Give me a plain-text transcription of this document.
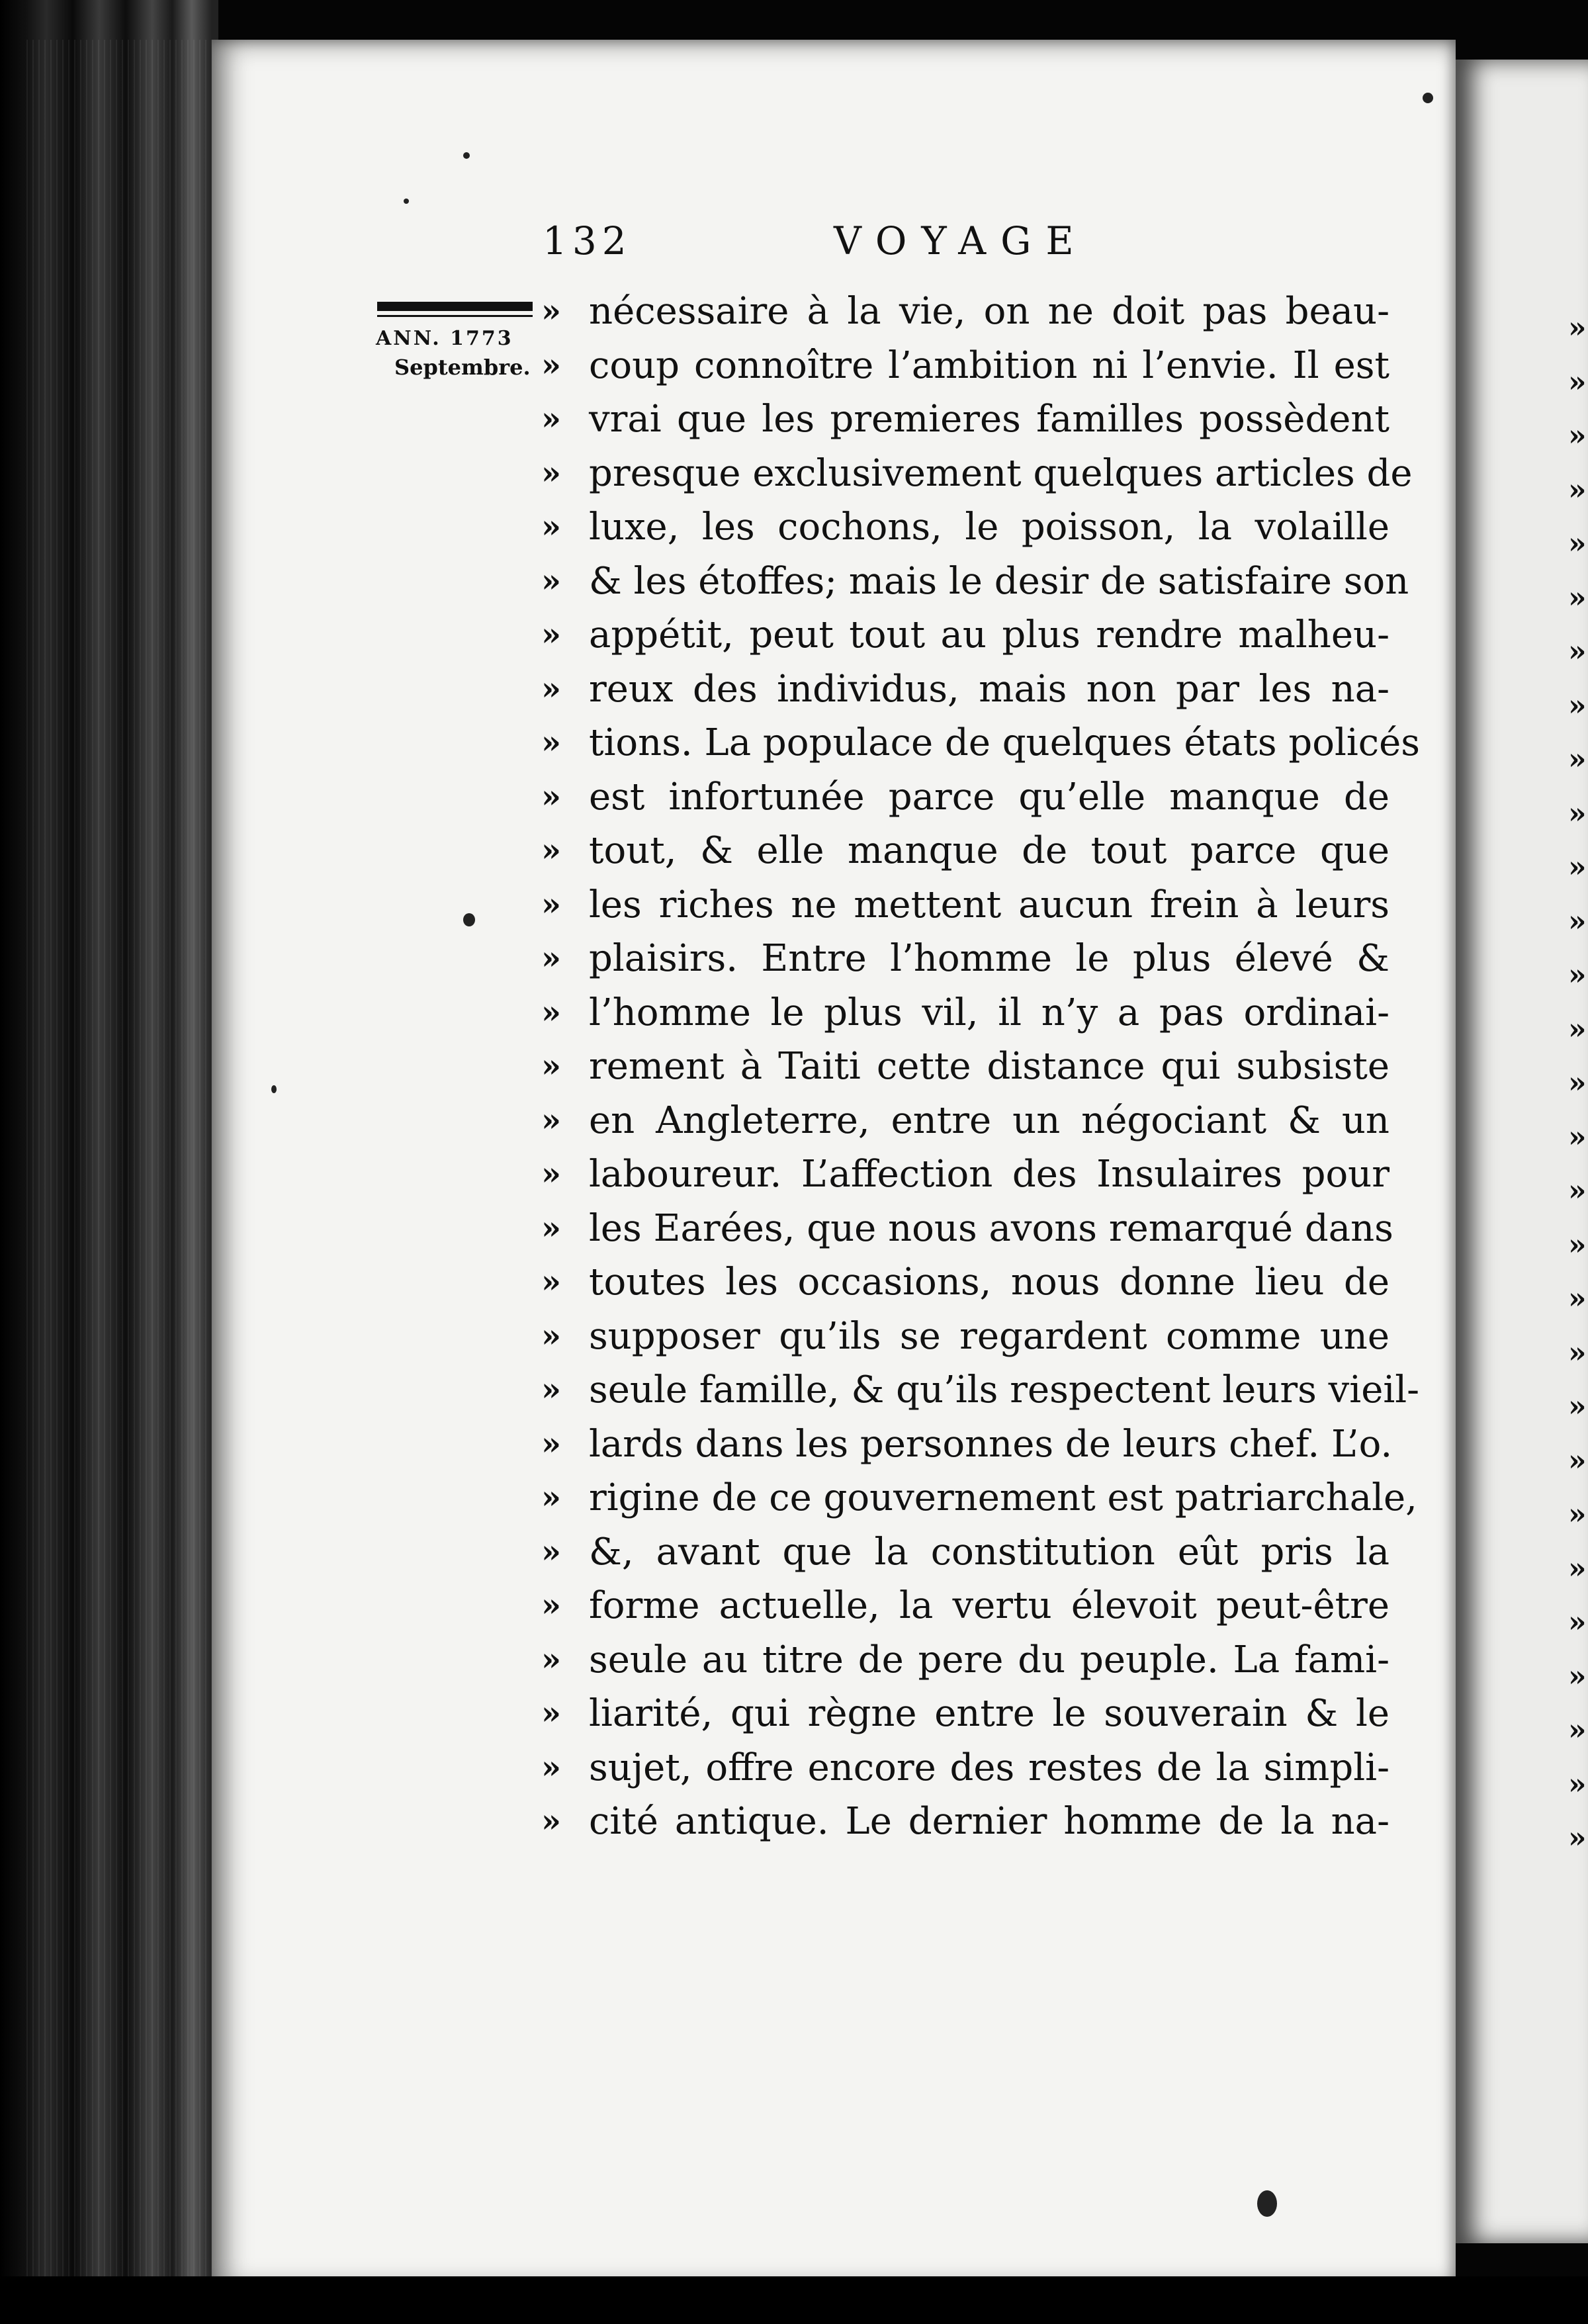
132	VOYAGE
ANN. 1773
Septembre.
» nécessaire à la vie, on ne doit pas beau-
» coup connoître l’ambition ni l’envie. Il est
» vrai que les premieres familles possèdent
» presque exclusivement quelques articles de
» luxe, les cochons, le poisson, la volaille
» & les étoffes; mais le desir de satisfaire son
» appétit, peut tout au plus rendre malheu-
» reux des individus, mais non par les na-
» tions. La populace de quelques états policés
» est infortunée parce qu’elle manque de
» tout, & elle manque de tout parce que
» les riches ne mettent aucun frein à leurs
» plaisirs. Entre l’homme le plus élevé &
» l’homme le plus vil, il n’y a pas ordinai-
» rement à Taiti cette distance qui subsiste
» en Angleterre, entre un négociant & un
» laboureur. L’affection des Insulaires pour
» les Earées, que nous avons remarqué dans
» toutes les occasions, nous donne lieu de
» supposer qu’ils se regardent comme une
» seule famille, & qu’ils respectent leurs vieil-
» lards dans les personnes de leurs chef. L’o.
» rigine de ce gouvernement est patriarchale,
» &, avant que la constitution eût pris la
» forme actuelle, la vertu élevoit peut-être
» seule au titre de pere du peuple. La fami-
» liarité, qui règne entre le souverain & le
» sujet, offre encore des restes de la simpli-
» cité antique. Le dernier homme de la na-
»
»
»
»
»
»
»
»
»
»
»
»
»
»
»
»
»
»
»
»
»
»
»
»
»
»
»
»
»
